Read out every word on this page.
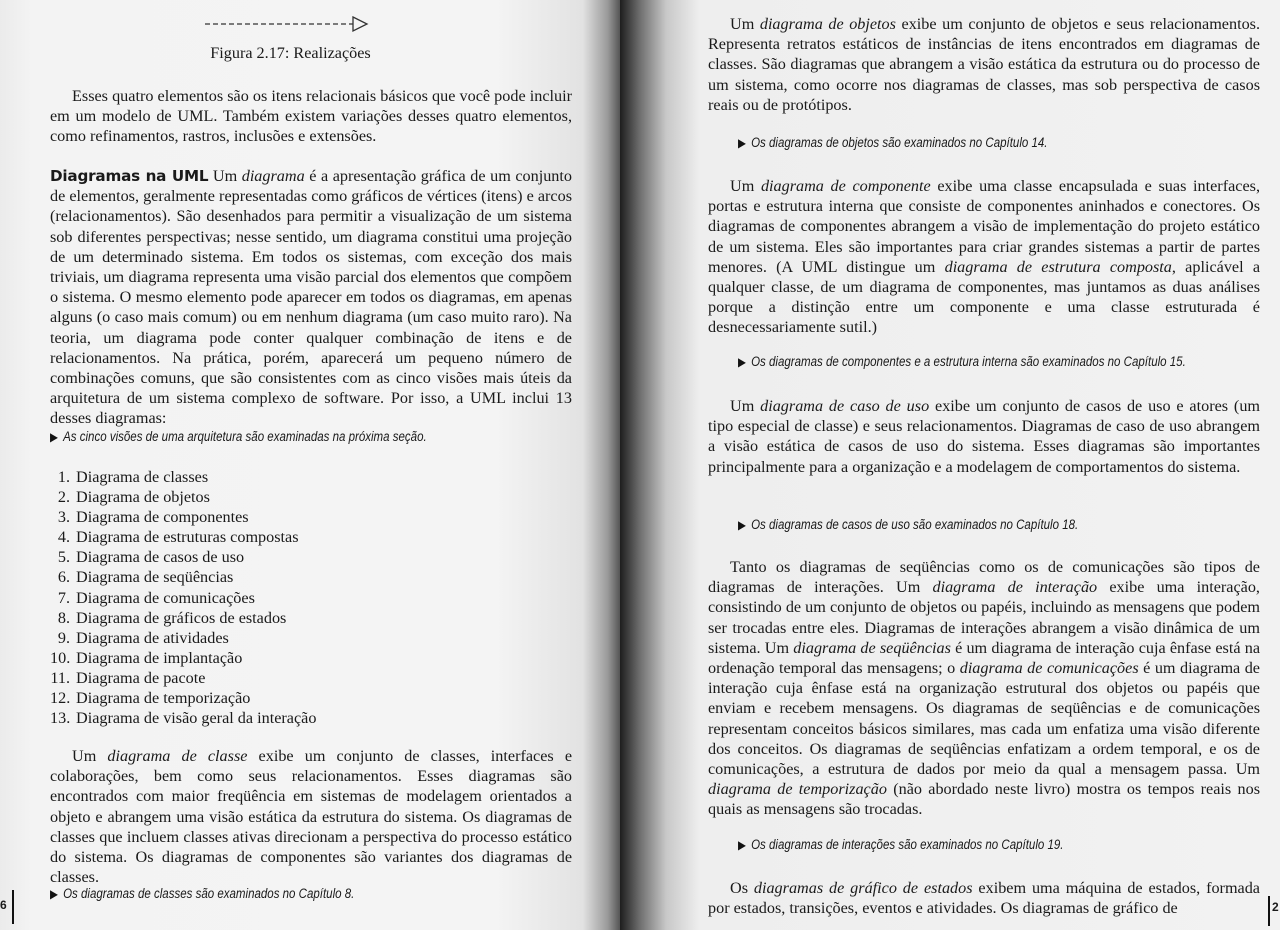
Figura 2.17: Realizações

Esses quatro elementos são os itens relacionais básicos que você pode incluir em um modelo de UML. Também existem variações desses quatro elementos, como refinamentos, rastros, inclusões e extensões.

Diagramas na UML Um diagrama é a apresentação gráfica de um conjunto de elementos, geralmente representadas como gráficos de vértices (itens) e arcos (relacionamentos). São desenhados para permitir a visualização de um sistema sob diferentes perspectivas; nesse sentido, um diagrama constitui uma projeção de um determinado sistema. Em todos os sistemas, com exceção dos mais triviais, um diagrama representa uma visão parcial dos elementos que compõem o sistema. O mesmo elemento pode aparecer em todos os diagramas, em apenas alguns (o caso mais comum) ou em nenhum diagrama (um caso muito raro). Na teoria, um diagrama pode conter qualquer combinação de itens e de relacionamentos. Na prática, porém, aparecerá um pequeno número de combinações comuns, que são consistentes com as cinco visões mais úteis da arquitetura de um sistema complexo de software. Por isso, a UML inclui 13 desses diagramas:

▶ As cinco visões de uma arquitetura são examinadas na próxima seção.

1. Diagrama de classes
2. Diagrama de objetos
3. Diagrama de componentes
4. Diagrama de estruturas compostas
5. Diagrama de casos de uso
6. Diagrama de seqüências
7. Diagrama de comunicações
8. Diagrama de gráficos de estados
9. Diagrama de atividades
10. Diagrama de implantação
11. Diagrama de pacote
12. Diagrama de temporização
13. Diagrama de visão geral da interação

Um diagrama de classe exibe um conjunto de classes, interfaces e colaborações, bem como seus relacionamentos. Esses diagramas são encontrados com maior freqüência em sistemas de modelagem orientados a objeto e abrangem uma visão estática da estrutura do sistema. Os diagramas de classes que incluem classes ativas direcionam a perspectiva do processo estático do sistema. Os diagramas de componentes são variantes dos diagramas de classes.

▶ Os diagramas de classes são examinados no Capítulo 8.

6

Um diagrama de objetos exibe um conjunto de objetos e seus relacionamentos. Representa retratos estáticos de instâncias de itens encontrados em diagramas de classes. São diagramas que abrangem a visão estática da estrutura ou do processo de um sistema, como ocorre nos diagramas de classes, mas sob perspectiva de casos reais ou de protótipos.

▶ Os diagramas de objetos são examinados no Capítulo 14.

Um diagrama de componente exibe uma classe encapsulada e suas interfaces, portas e estrutura interna que consiste de componentes aninhados e conectores. Os diagramas de componentes abrangem a visão de implementação do projeto estático de um sistema. Eles são importantes para criar grandes sistemas a partir de partes menores. (A UML distingue um diagrama de estrutura composta, aplicável a qualquer classe, de um diagrama de componentes, mas juntamos as duas análises porque a distinção entre um componente e uma classe estruturada é desnecessariamente sutil.)

▶ Os diagramas de componentes e a estrutura interna são examinados no Capítulo 15.

Um diagrama de caso de uso exibe um conjunto de casos de uso e atores (um tipo especial de classe) e seus relacionamentos. Diagramas de caso de uso abrangem a visão estática de casos de uso do sistema. Esses diagramas são importantes principalmente para a organização e a modelagem de comportamentos do sistema.

▶ Os diagramas de casos de uso são examinados no Capítulo 18.

Tanto os diagramas de seqüências como os de comunicações são tipos de diagramas de interações. Um diagrama de interação exibe uma interação, consistindo de um conjunto de objetos ou papéis, incluindo as mensagens que podem ser trocadas entre eles. Diagramas de interações abrangem a visão dinâmica de um sistema. Um diagrama de seqüências é um diagrama de interação cuja ênfase está na ordenação temporal das mensagens; o diagrama de comunicações é um diagrama de interação cuja ênfase está na organização estrutural dos objetos ou papéis que enviam e recebem mensagens. Os diagramas de seqüências e de comunicações representam conceitos básicos similares, mas cada um enfatiza uma visão diferente dos conceitos. Os diagramas de seqüências enfatizam a ordem temporal, e os de comunicações, a estrutura de dados por meio da qual a mensagem passa. Um diagrama de temporização (não abordado neste livro) mostra os tempos reais nos quais as mensagens são trocadas.

▶ Os diagramas de interações são examinados no Capítulo 19.

Os diagramas de gráfico de estados exibem uma máquina de estados, formada por estados, transições, eventos e atividades. Os diagramas de gráfico de	2
